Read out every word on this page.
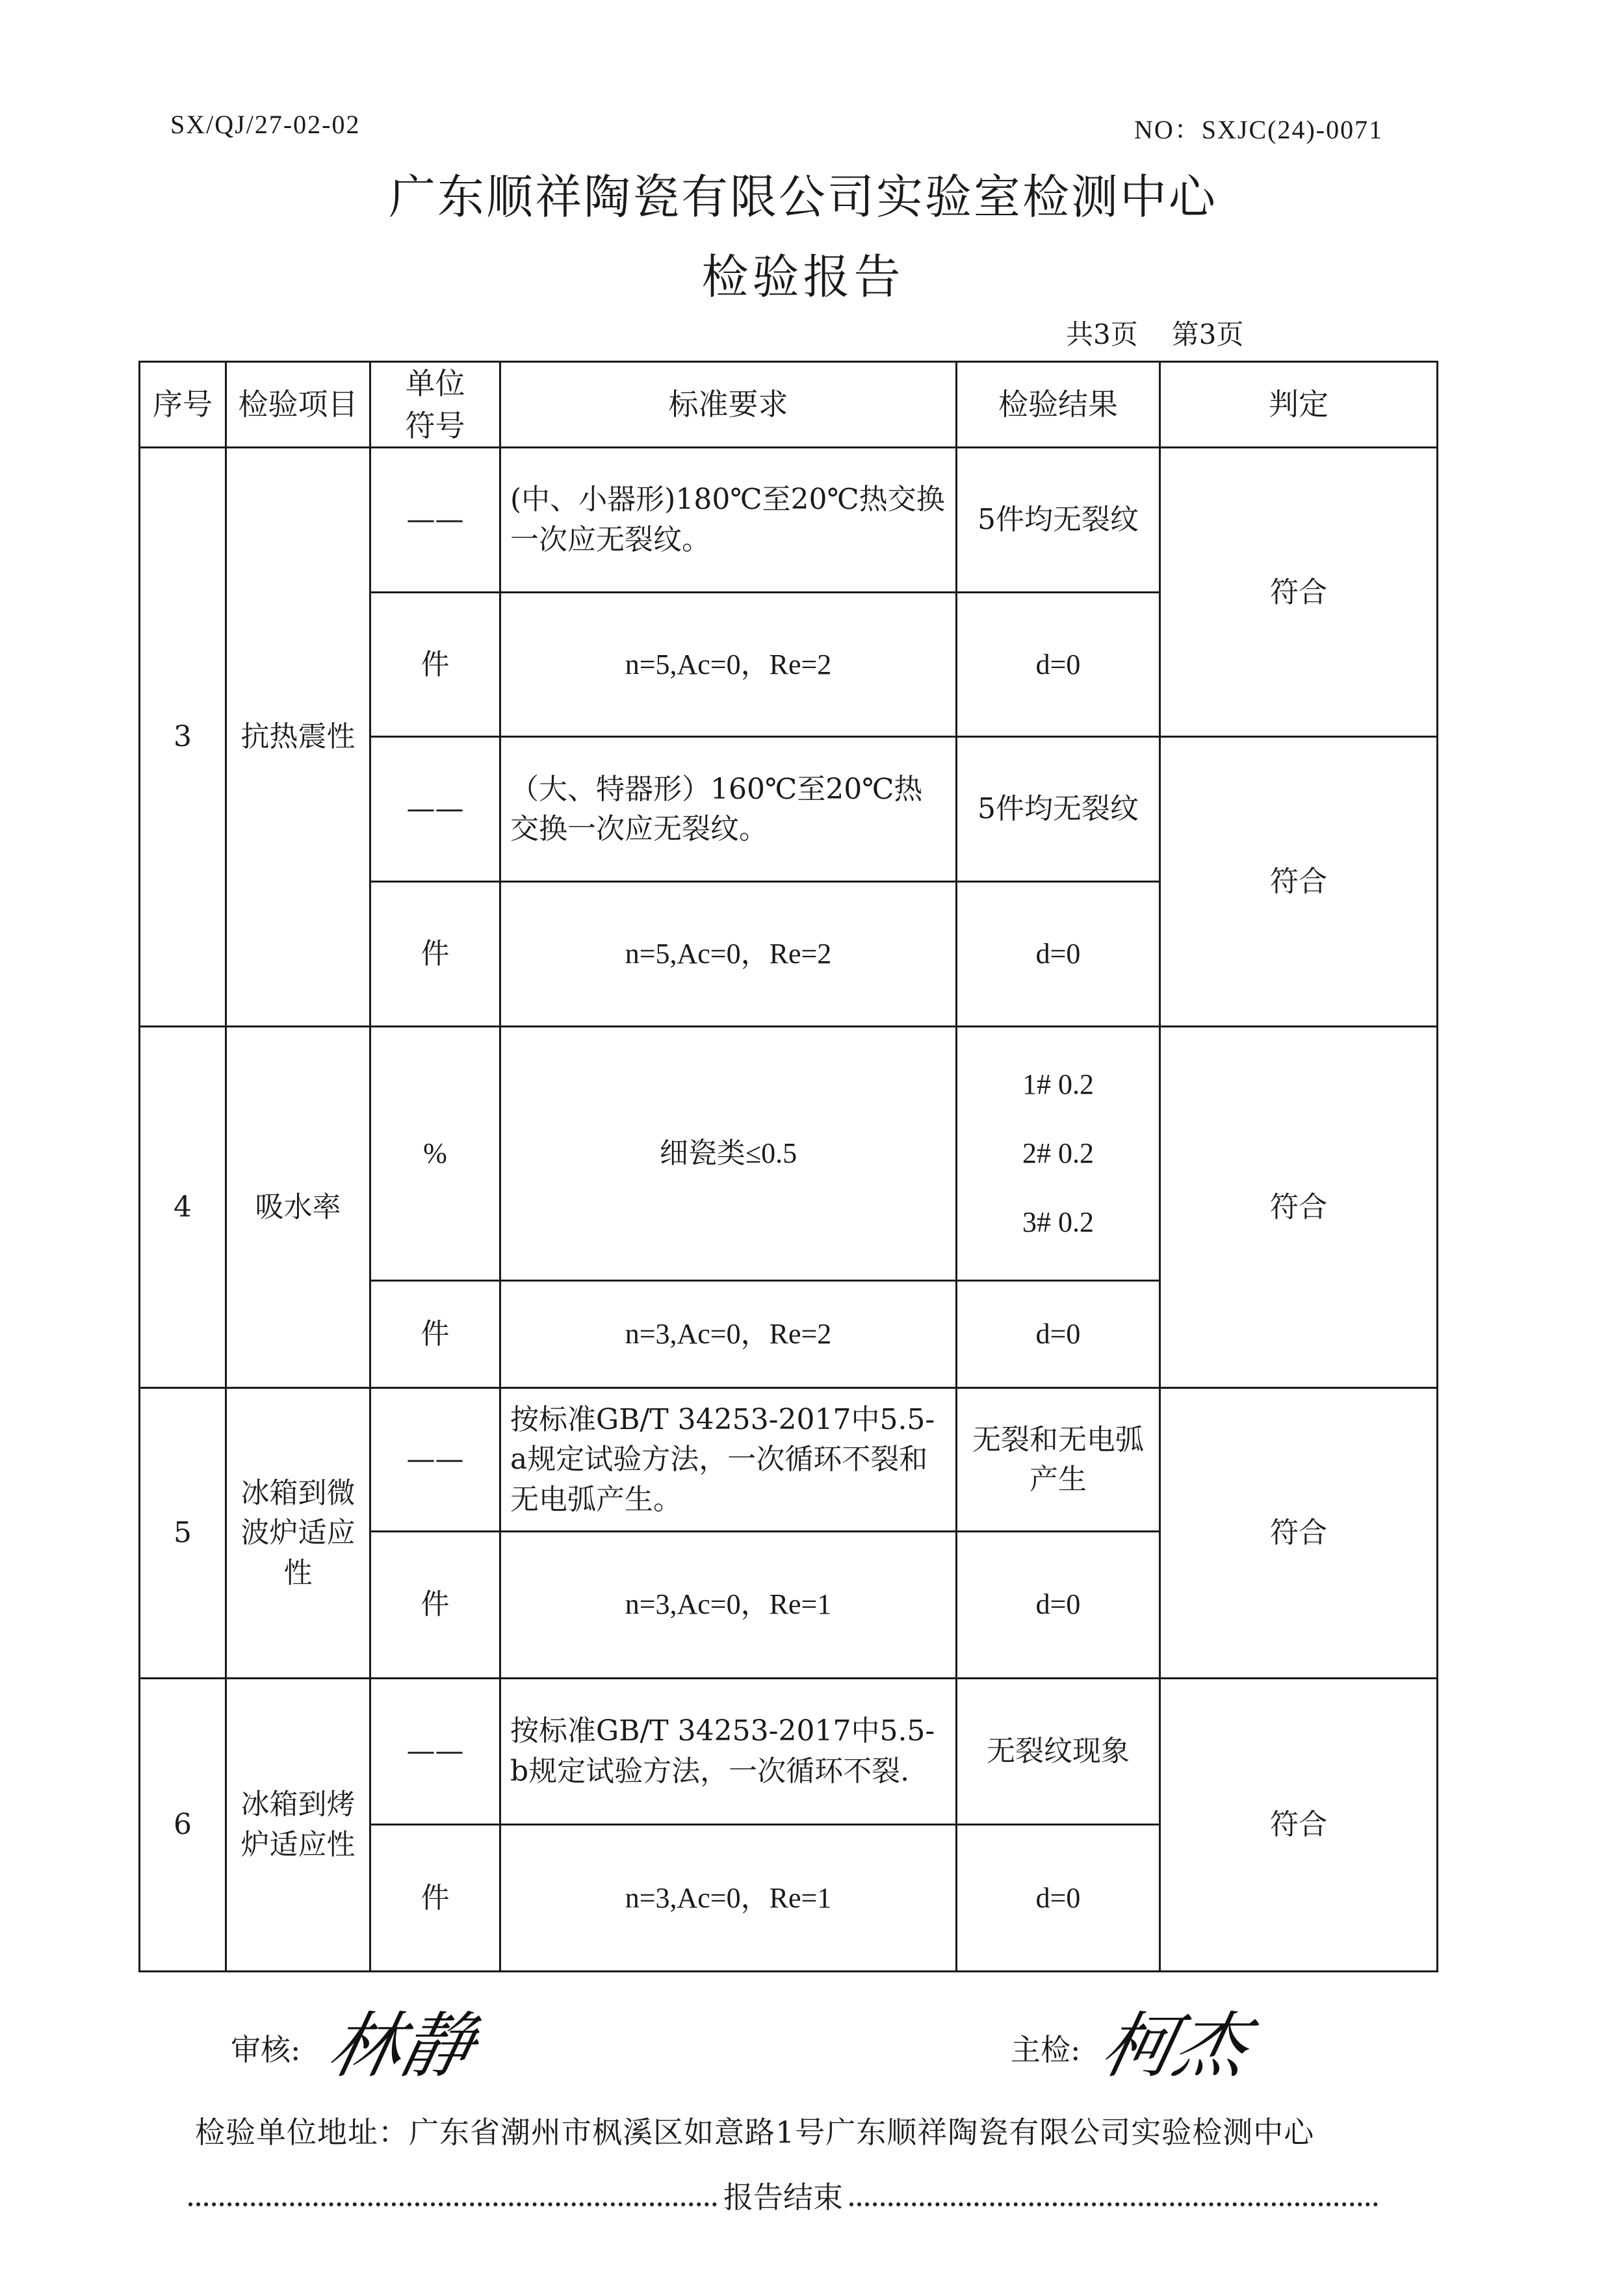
SX/QJ/27-02-02	NO：SXJC(24)-0071
广东顺祥陶瓷有限公司实验室检测中心
检验报告
共3页 第3页
序号	检验项目	单位符号	标准要求	检验结果	判定
3	抗热震性	——	(中、小器形)180℃至20℃热交换一次应无裂纹。	5件均无裂纹	符合
		件	n=5,Ac=0，Re=2	d=0	
		——	（大、特器形）160℃至20℃热交换一次应无裂纹。	5件均无裂纹	符合
		件	n=5,Ac=0，Re=2	d=0	
4	吸水率	%	细瓷类≤0.5	1# 0.2
2# 0.2
3# 0.2	符合
		件	n=3,Ac=0，Re=2	d=0	
5	冰箱到微波炉适应性	——	按标准GB/T 34253-2017中5.5-a规定试验方法，一次循环不裂和无电弧产生。	无裂和无电弧产生	符合
		件	n=3,Ac=0，Re=1	d=0	
6	冰箱到烤炉适应性	——	按标准GB/T 34253-2017中5.5-b规定试验方法，一次循环不裂.	无裂纹现象	符合
		件	n=3,Ac=0，Re=1	d=0	
审核: 林静	主检: 柯杰
检验单位地址：广东省潮州市枫溪区如意路1号广东顺祥陶瓷有限公司实验检测中心
报告结束
